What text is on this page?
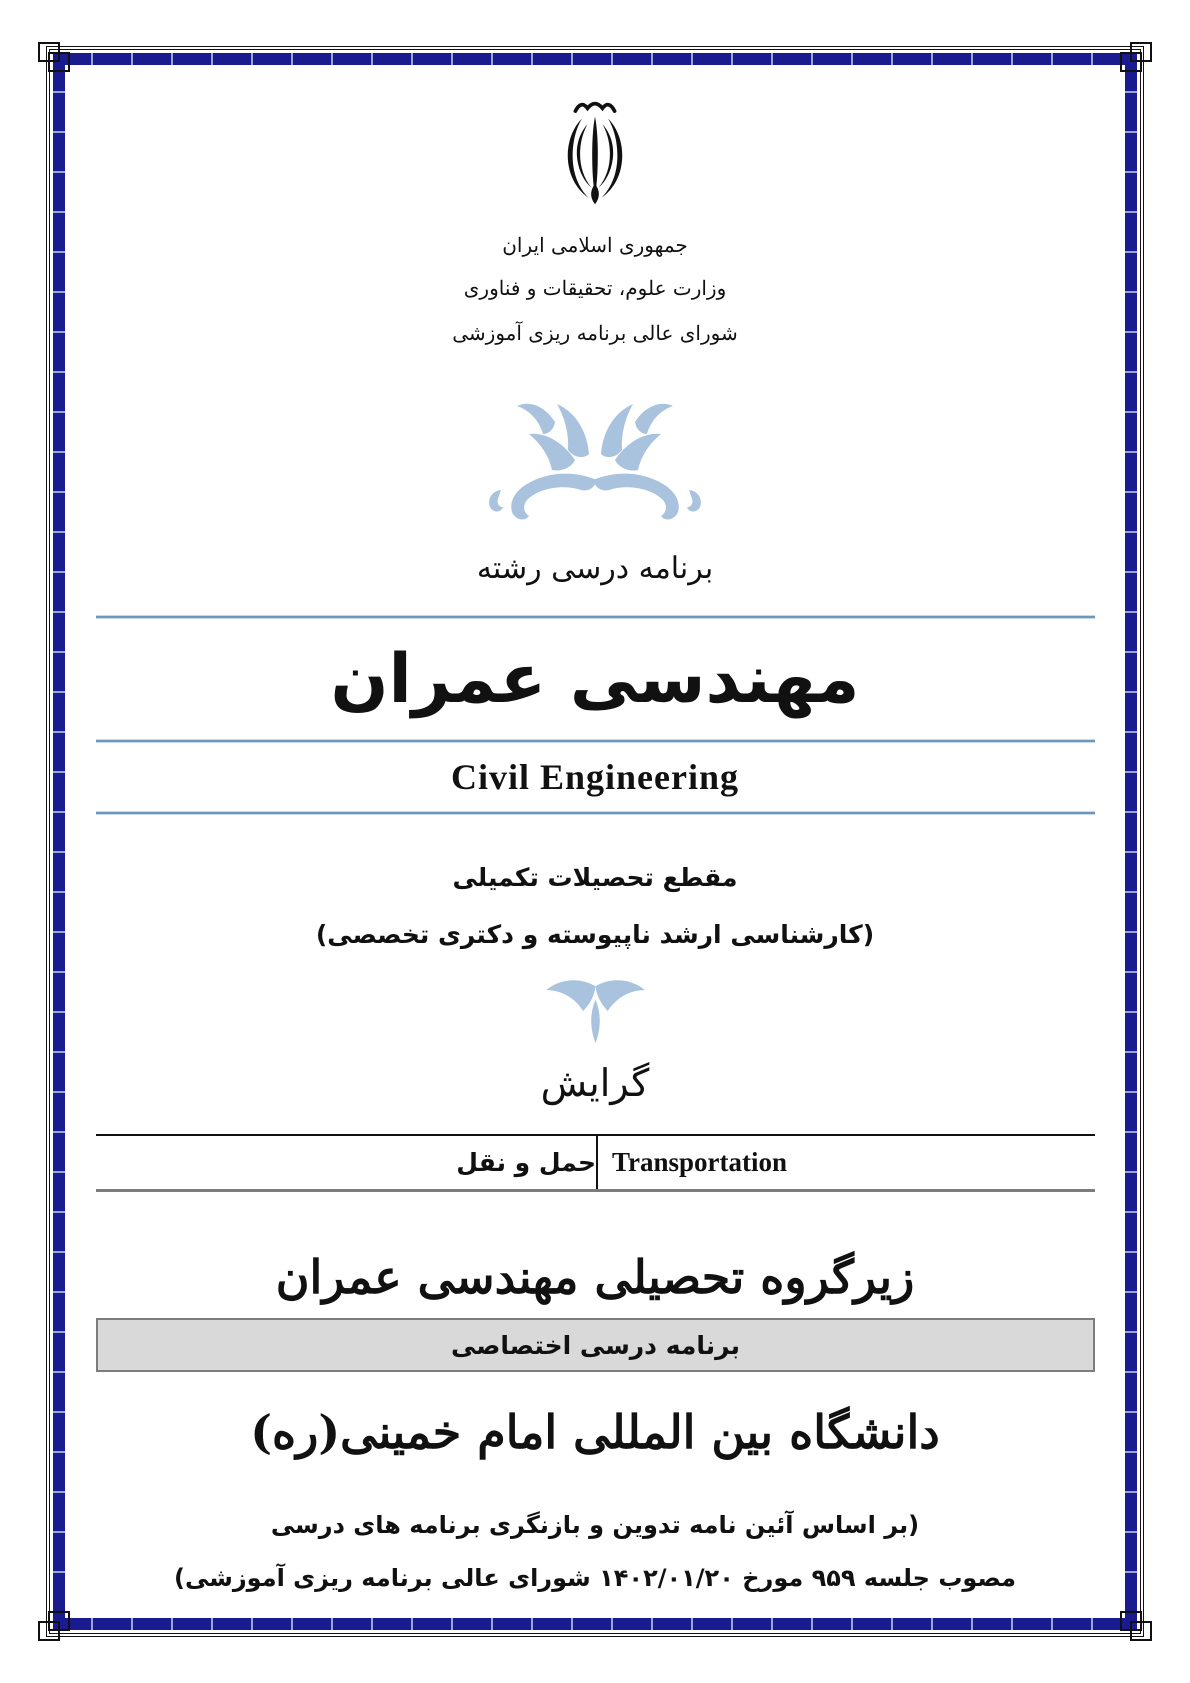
جمهوری اسلامی ایران
وزارت علوم، تحقیقات و فناوری
شورای عالی برنامه ریزی آموزشی
برنامه درسی رشته
مهندسی عمران
Civil Engineering
مقطع تحصیلات تکمیلی
(کارشناسی ارشد ناپیوسته و دکتری تخصصی)
گرایش
حمل و نقل Transportation
زیرگروه تحصیلی مهندسی عمران
برنامه درسی اختصاصی
دانشگاه بین المللی امام خمینی(ره)
(بر اساس آئین نامه تدوین و بازنگری برنامه های درسی
مصوب جلسه ۹۵۹ مورخ ۱۴۰۲/۰۱/۲۰ شورای عالی برنامه ریزی آموزشی)
